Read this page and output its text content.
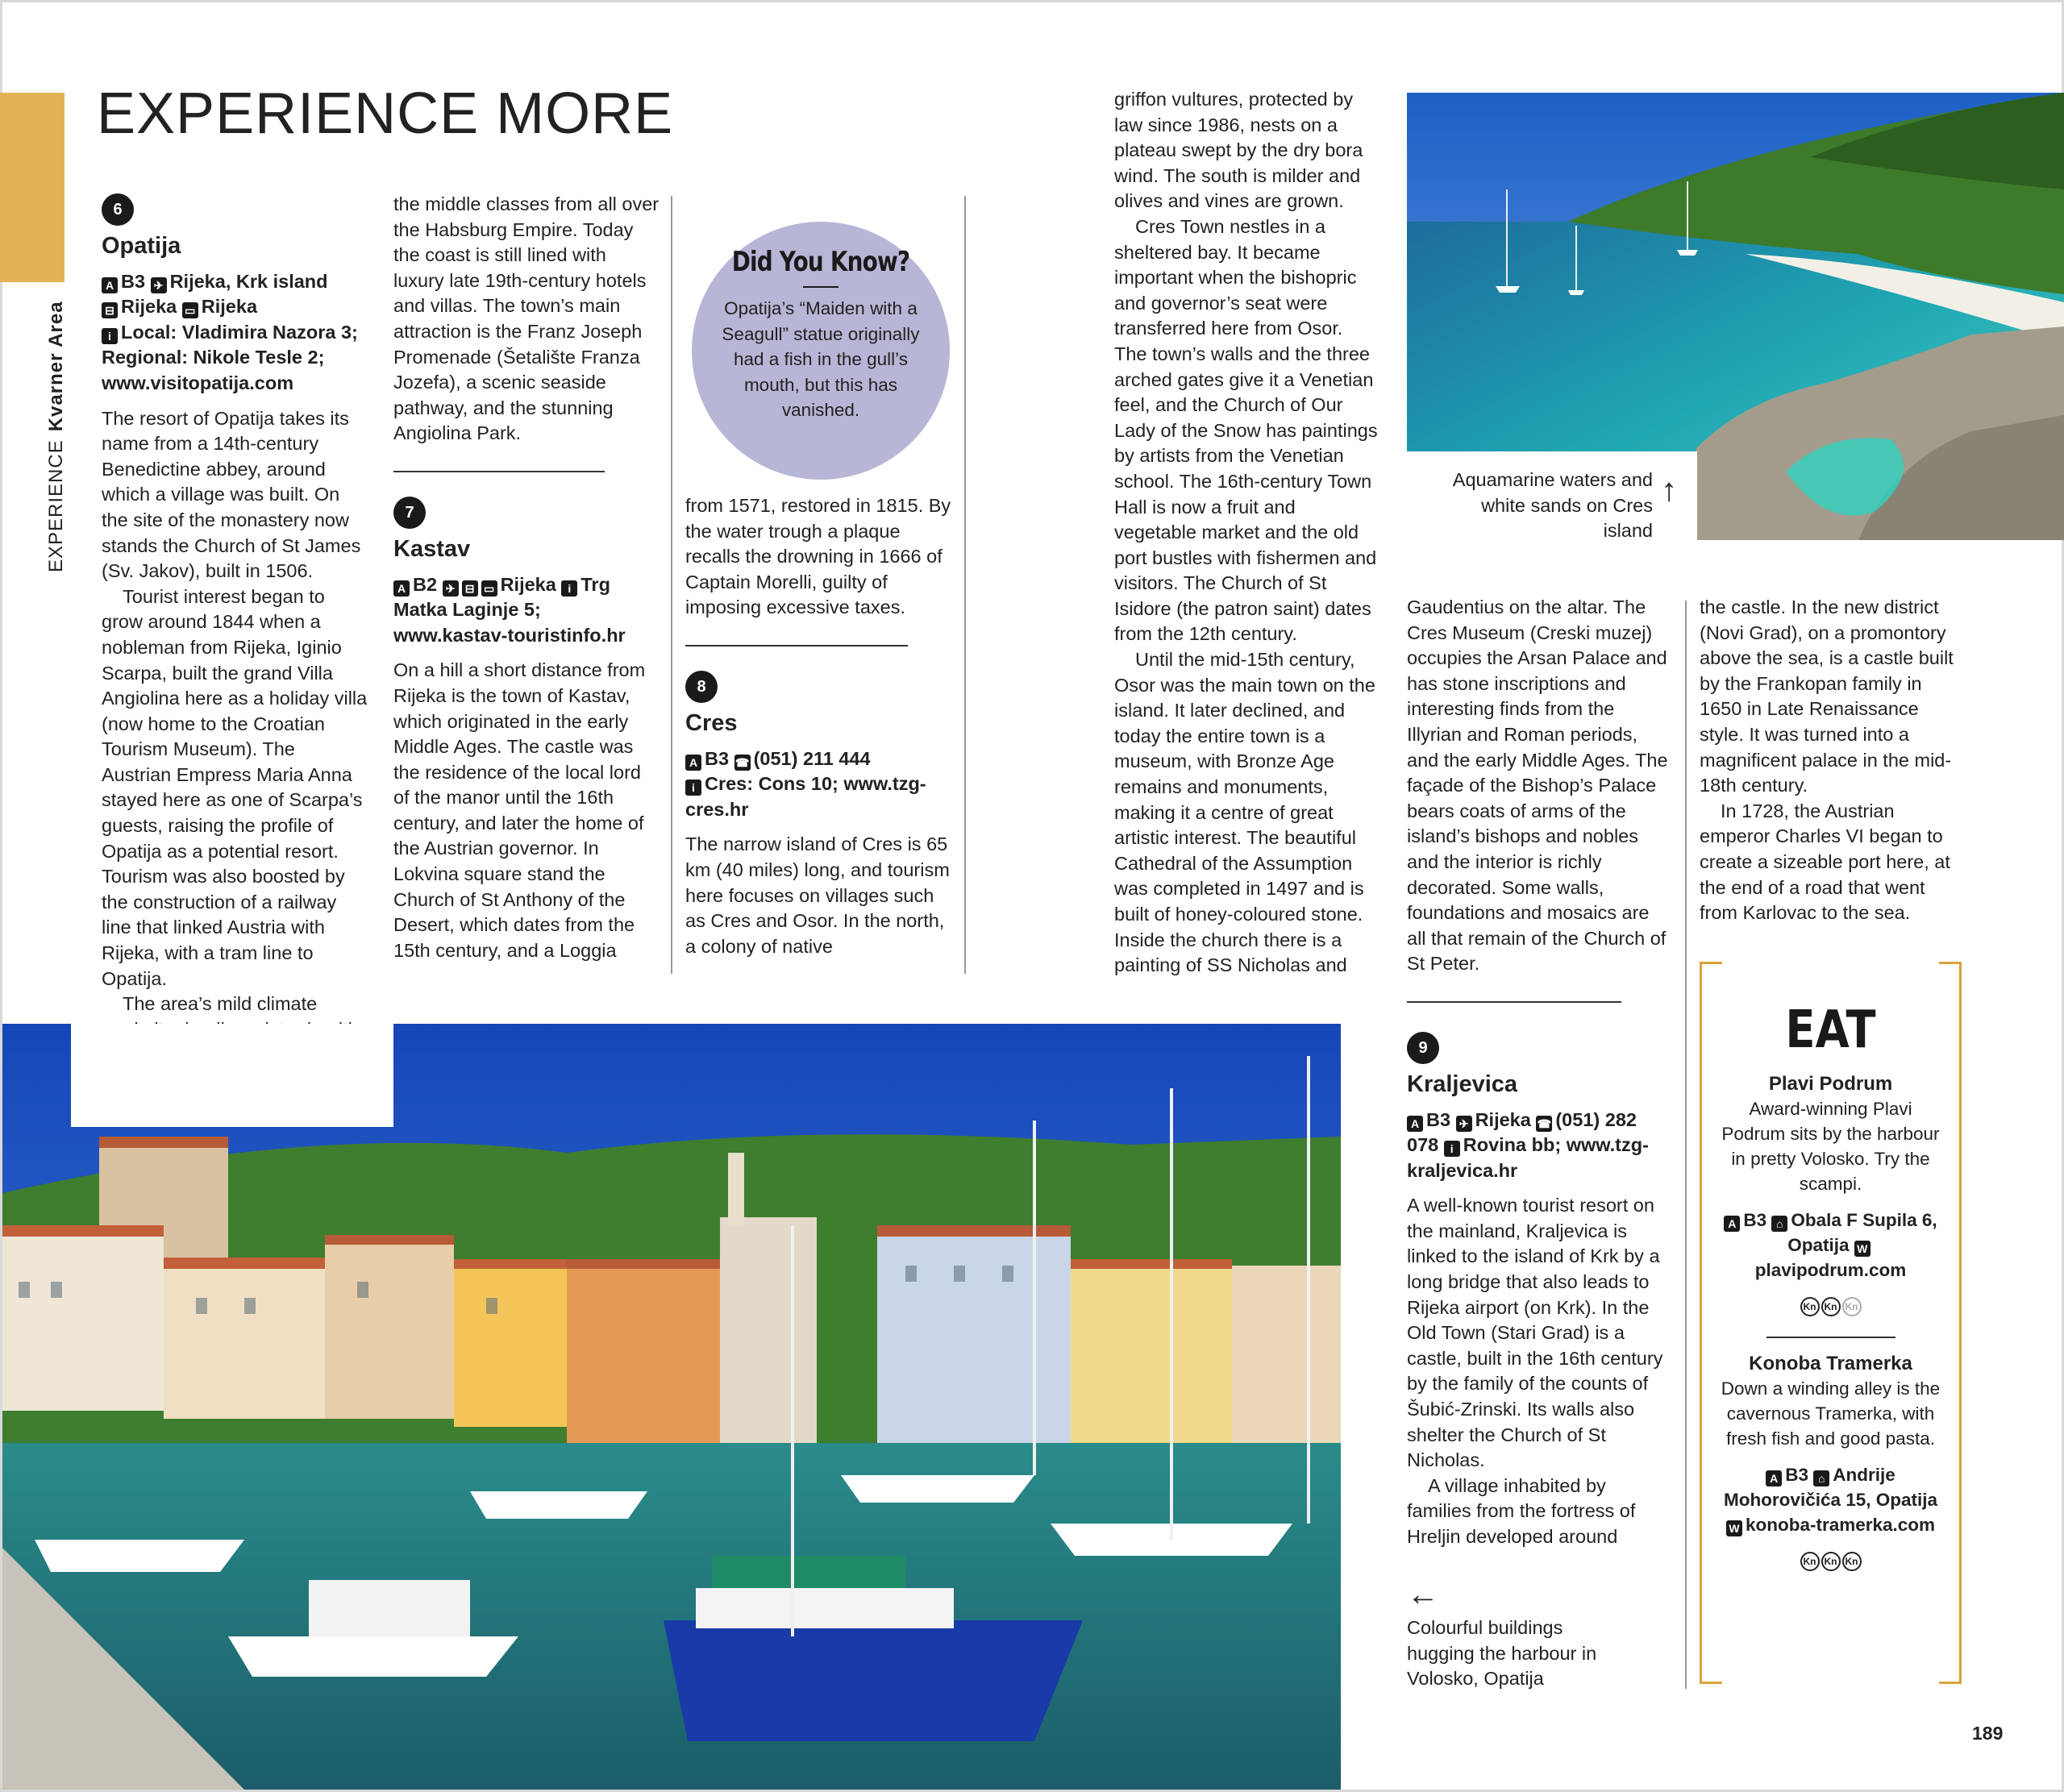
EXPERIENCEKvarner Area
EXPERIENCE MORE
6
Opatija
A B3 ✈ Rijeka, Krk island
⊟ Rijeka ▭ Rijeka
i Local: Vladimira Nazora 3; Regional: Nikole Tesle 2; www.visitopatija.com

The resort of Opatija takes its name from a 14th-century Benedictine abbey, around which a village was built. On the site of the monastery now stands the Church of St James (Sv. Jakov), built in 1506.

Tourist interest began to grow around 1844 when a nobleman from Rijeka, Iginio Scarpa, built the grand Villa Angiolina here as a holiday villa (now home to the Croatian Tourism Museum). The Austrian Empress Maria Anna stayed here as one of Scarpa’s guests, raising the profile of Opatija as a potential resort. Tourism was also boosted by the construction of a railway line that linked Austria with Rijeka, with a tram line to Opatija.

The area’s mild climate

the middle classes from all over the Habsburg Empire. Today the coast is still lined with luxury late 19th-century hotels and villas. The town’s main attraction is the Franz Joseph Promenade (Šetalište Franza Jozefa), a scenic seaside pathway, and the stunning Angiolina Park.

7
Kastav
A B2 ✈ ⊟ ▭ Rijeka i Trg Matka Laginje 5; www.kastav-touristinfo.hr

On a hill a short distance from Rijeka is the town of Kastav, which originated in the early Middle Ages. The castle was the residence of the local lord of the manor until the 16th century, and later the home of the Austrian governor. In Lokvina square stand the Church of St Anthony of the Desert, which dates from the 15th century, and a Loggia

Did You Know?
Opatija’s “Maiden with a Seagull” statue originally had a fish in the gull’s mouth, but this has vanished.

from 1571, restored in 1815. By the water trough a plaque recalls the drowning in 1666 of Captain Morelli, guilty of imposing excessive taxes.

8
Cres
A B3 ☎ (051) 211 444
i Cres: Cons 10; www.tzg-cres.hr

The narrow island of Cres is 65 km (40 miles) long, and tourism here focuses on villages such as Cres and Osor. In the north, a colony of native

griffon vultures, protected by law since 1986, nests on a plateau swept by the dry bora wind. The south is milder and olives and vines are grown.

Cres Town nestles in a sheltered bay. It became important when the bishopric and governor’s seat were transferred here from Osor. The town’s walls and the three arched gates give it a Venetian feel, and the Church of Our Lady of the Snow has paintings by artists from the Venetian school. The 16th-century Town Hall is now a fruit and vegetable market and the old port bustles with fishermen and visitors. The Church of St Isidore (the patron saint) dates from the 12th century.

Until the mid-15th century, Osor was the main town on the island. It later declined, and today the entire town is a museum, with Bronze Age remains and monuments, making it a centre of great artistic interest. The beautiful Cathedral of the Assumption was completed in 1497 and is built of honey-coloured stone. Inside the church there is a painting of SS Nicholas and

Gaudentius on the altar. The Cres Museum (Creski muzej) occupies the Arsan Palace and has stone inscriptions and interesting finds from the Illyrian and Roman periods, and the early Middle Ages. The façade of the Bishop’s Palace bears coats of arms of the island’s bishops and nobles and the interior is richly decorated. Some walls, foundations and mosaics are all that remain of the Church of St Peter.

9
Kraljevica
A B3 ✈ Rijeka ☎ (051) 282 078 i Rovina bb; www.tzg-kraljevica.hr

A well-known tourist resort on the mainland, Kraljevica is linked to the island of Krk by a long bridge that also leads to Rijeka airport (on Krk). In the Old Town (Stari Grad) is a castle, built in the 16th century by the family of the counts of Šubić-Zrinski. Its walls also shelter the Church of St Nicholas.

A village inhabited by families from the fortress of Hreljin developed around

the castle. In the new district (Novi Grad), on a promontory above the sea, is a castle built by the Frankopan family in 1650 in Late Renaissance style. It was turned into a magnificent palace in the mid-18th century.

In 1728, the Austrian emperor Charles VI began to create a sizeable port here, at the end of a road that went from Karlovac to the sea.

Aquamarine waters and white sands on Cres island
↑
←
Colourful buildings hugging the harbour in Volosko, Opatija
EAT
Plavi Podrum
Award-winning Plavi Podrum sits by the harbour in pretty Volosko. Try the scampi.
A B3 ⌂ Obala F Supila 6, Opatija Wplavipodrum.com
Kn Kn Kn
Konoba Tramerka
Down a winding alley is the cavernous Tramerka, with fresh fish and good pasta.
A B3 ⌂ Andrije Mohorovičića 15, Opatija W konoba-tramerka.com
Kn Kn Kn
189
